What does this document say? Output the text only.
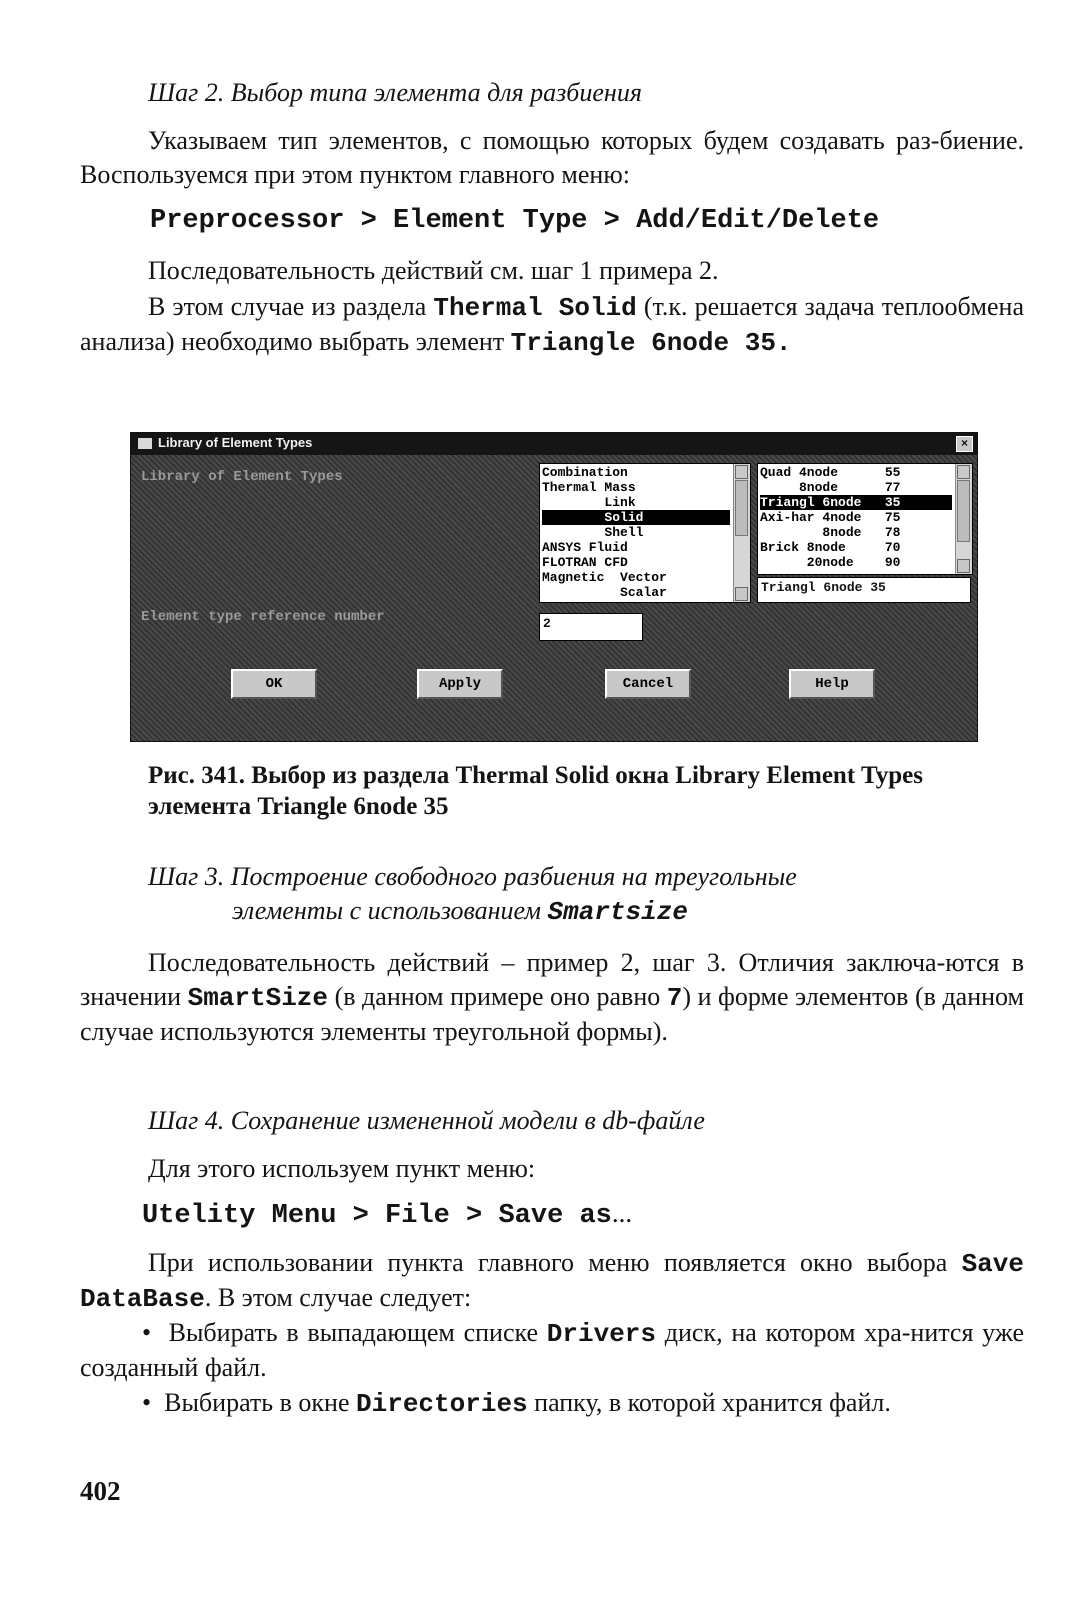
Шаг 2. Выбор типа элемента для разбиения

Указываем тип элементов, с помощью которых будем создавать раз-биение. Воспользуемся при этом пунктом главного меню:

Preprocessor > Element Type > Add/Edit/Delete

Последовательность действий см. шаг 1 примера 2.

В этом случае из раздела Thermal Solid (т.к. решается задача теплообмена анализа) необходимо выбрать элемент Triangle 6node 35.

Library of Element Types	×
Library of Element Types
Element type reference number
Scalar
Magnetic  Vector
FLOTRAN CFD
ANSYS Fluid
Shell
Solid
Link
Thermal Mass
Combination
20node    90
Brick 8node     70
8node   78
Axi-har 4node   75
Triangl 6node   35
8node      77
Quad 4node      55
Triangl 6node 35
2
OK	Apply	Cancel	Help

Рис. 341. Выбор из раздела Thermal Solid окна Library Element Types элемента Triangle 6node 35

Шаг 3. Построение свободного разбиения на треугольные

элементы с использованием Smartsize

Последовательность действий – пример 2, шаг 3. Отличия заключа-ются в значении SmartSize (в данном примере оно равно 7) и форме элементов (в данном случае используются элементы треугольной формы).

Шаг 4. Сохранение измененной модели в db-файле

Для этого используем пункт меню:

Utelity Menu > File > Save as...

При использовании пункта главного меню появляется окно выбора Save DataBase. В этом случае следует:

•  Выбирать в выпадающем списке Drivers диск, на котором хра-нится уже созданный файл.

•  Выбирать в окне Directories папку, в которой хранится файл.

402
